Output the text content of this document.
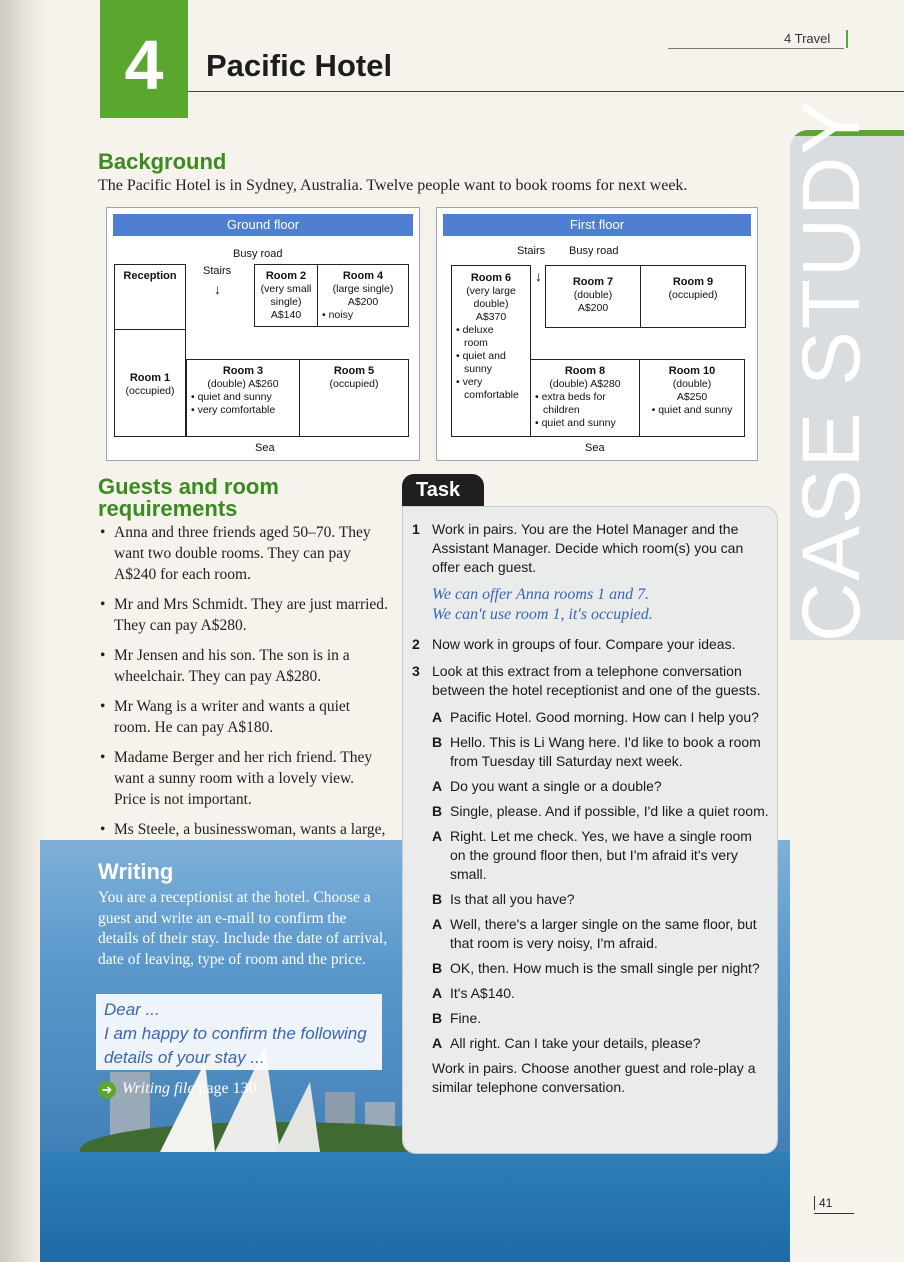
4	Pacific Hotel
4 Travel
CASE STUDY
Background
The Pacific Hotel is in Sydney, Australia. Twelve people want to book rooms for next week.
Ground floor
Busy road
Stairs
↓
Reception
Room 1
(occupied)
Room 2
(very small
single)
A$140
Room 4
(large single)
A$200
• noisy
Room 3
(double) A$260
• quiet and sunny
• very comfortable
Room 5
(occupied)
Sea
First floor
Stairs Busy road
↓
Room 6
(very large
double)
A$370
• deluxe
room
• quiet and
sunny
• very
comfortable
Room 7
(double)
A$200
Room 9
(occupied)
Room 8
(double) A$280
• extra beds for
children
• quiet and sunny
Room 10
(double)
A$250
• quiet and sunny
Sea
Guests and room
requirements
• Anna and three friends aged 50–70. They want two double rooms. They can pay A$240 for each room.
• Mr and Mrs Schmidt. They are just married. They can pay A$280.
• Mr Jensen and his son. The son is in a wheelchair. They can pay A$280.
• Mr Wang is a writer and wants a quiet room. He can pay A$180.
• Madame Berger and her rich friend. They want a sunny room with a lovely view. Price is not important.
• Ms Steele, a businesswoman, wants a large,
Writing
You are a receptionist at the hotel. Choose a guest and write an e-mail to confirm the details of their stay. Include the date of arrival, date of leaving, type of room and the price.
Dear ...
I am happy to confirm the following
details of your stay ...
➜ Writing file page 130
Task
1 Work in pairs. You are the Hotel Manager and the Assistant Manager. Decide which room(s) you can offer each guest.
We can offer Anna rooms 1 and 7.
We can't use room 1, it's occupied.
2 Now work in groups of four. Compare your ideas.
3 Look at this extract from a telephone conversation between the hotel receptionist and one of the guests.
A Pacific Hotel. Good morning. How can I help you?
B Hello. This is Li Wang here. I'd like to book a room from Tuesday till Saturday next week.
A Do you want a single or a double?
B Single, please. And if possible, I'd like a quiet room.
A Right. Let me check. Yes, we have a single room on the ground floor then, but I'm afraid it's very small.
B Is that all you have?
A Well, there's a larger single on the same floor, but that room is very noisy, I'm afraid.
B OK, then. How much is the small single per night?
A It's A$140.
B Fine.
A All right. Can I take your details, please?
Work in pairs. Choose another guest and role-play a similar telephone conversation.
41
